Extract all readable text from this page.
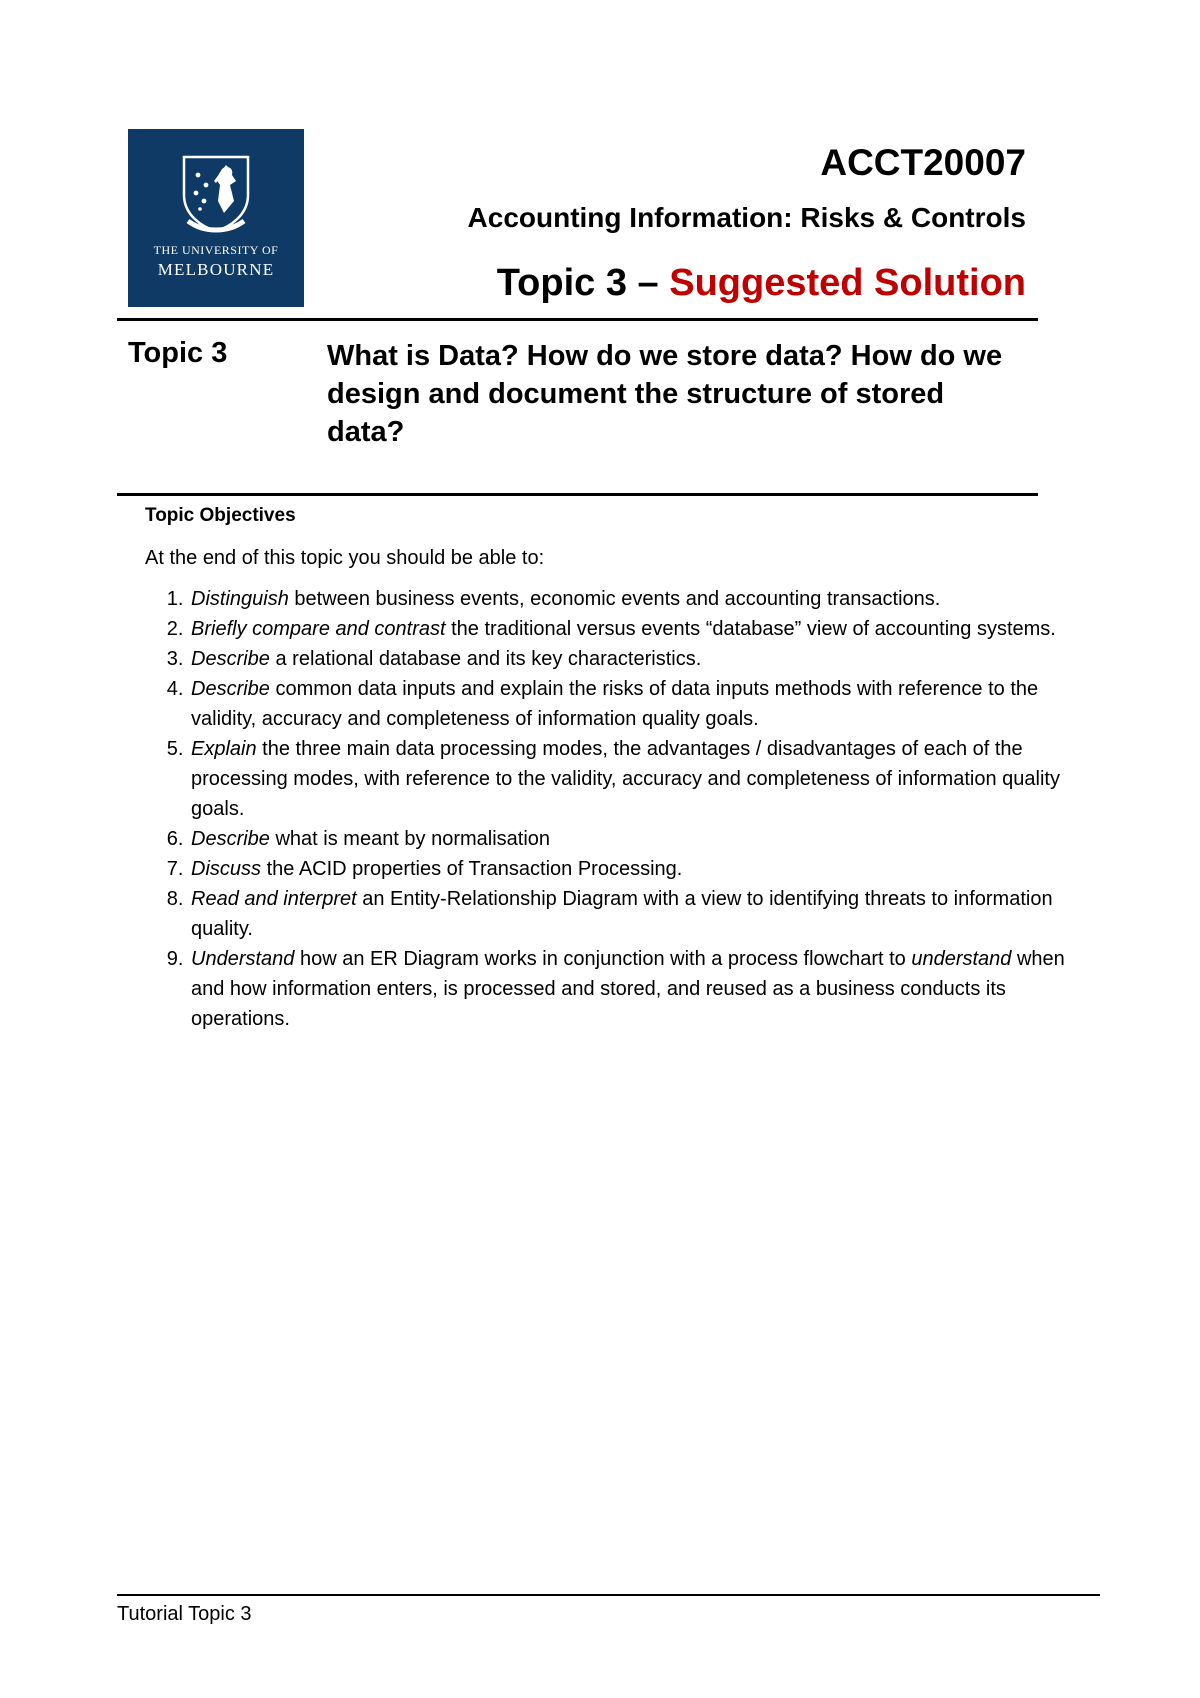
THE UNIVERSITY OF
MELBOURNE
ACCT20007
Accounting Information: Risks & Controls
Topic 3 – Suggested Solution
Topic 3	What is Data? How do we store data? How do we design and document the structure of stored data?

Topic Objectives

At the end of this topic you should be able to:

1. Distinguish between business events, economic events and accounting transactions.
2. Briefly compare and contrast the traditional versus events “database” view of accounting systems.
3. Describe a relational database and its key characteristics.
4. Describe common data inputs and explain the risks of data inputs methods with reference to the validity, accuracy and completeness of information quality goals.
5. Explain the three main data processing modes, the advantages / disadvantages of each of the processing modes, with reference to the validity, accuracy and completeness of information quality goals.
6. Describe what is meant by normalisation
7. Discuss the ACID properties of Transaction Processing.
8. Read and interpret an Entity-Relationship Diagram with a view to identifying threats to information quality.
9. Understand how an ER Diagram works in conjunction with a process flowchart to understand when and how information enters, is processed and stored, and reused as a business conducts its operations.
Tutorial Topic 3
